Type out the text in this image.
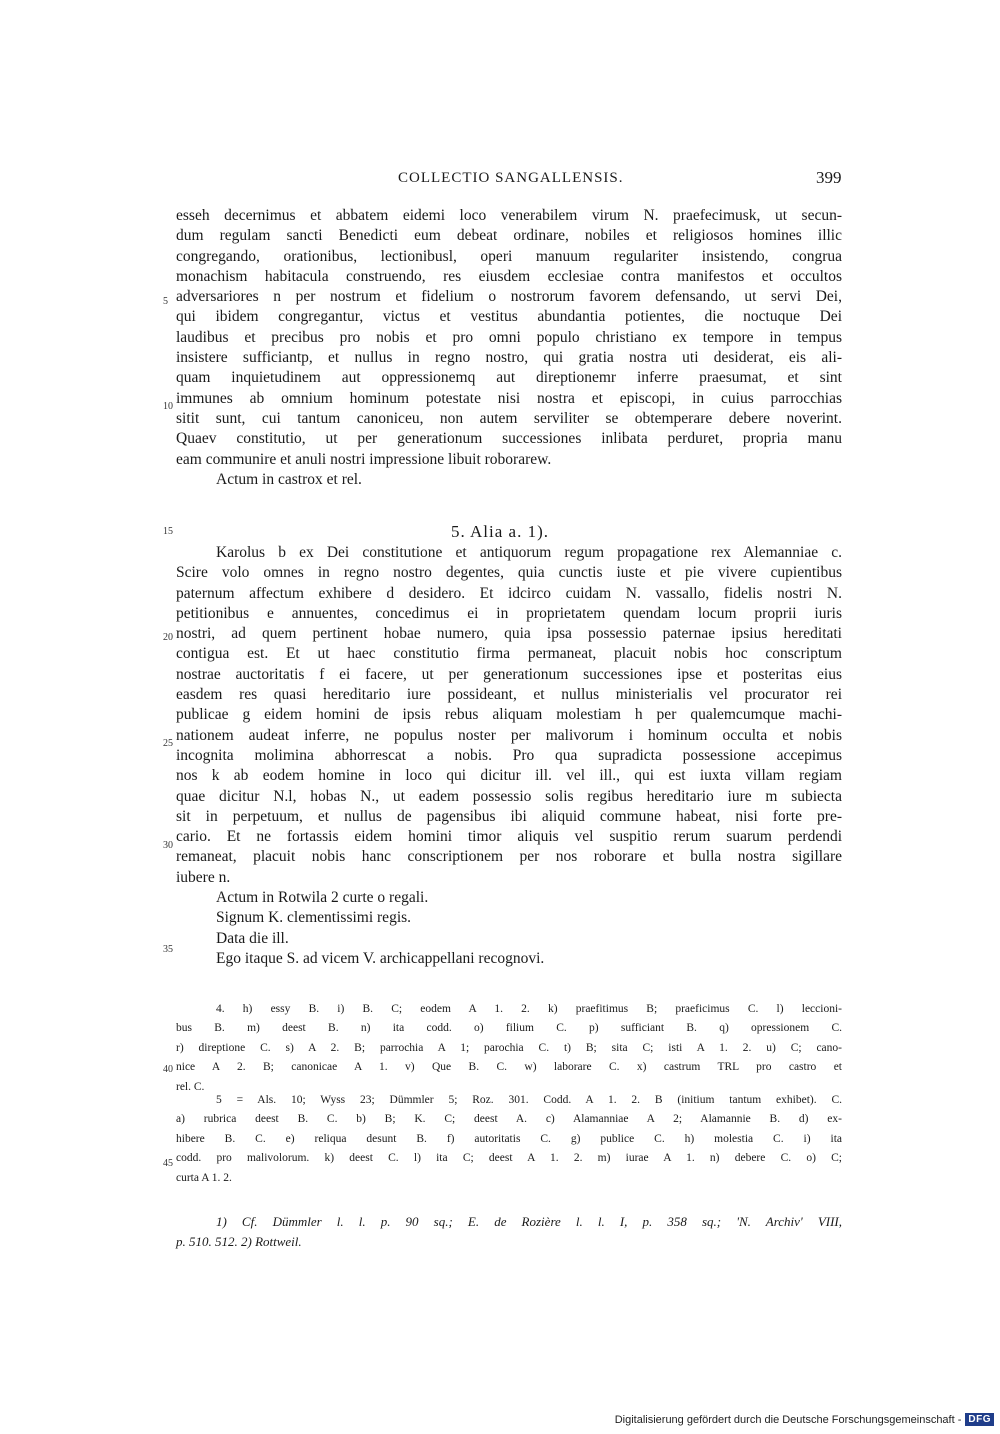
COLLECTIO SANGALLENSIS.	399
5
10
15
20
25
30
35
40
45
esseh decernimus et abbatem eidemi loco venerabilem virum N. praefecimusk, ut secun-
dum regulam sancti Benedicti eum debeat ordinare, nobiles et religiosos homines illic
congregando, orationibus, lectionibusl, operi manuum regulariter insistendo, congrua
monachism habitacula construendo, res eiusdem ecclesiae contra manifestos et occultos
adversariores n per nostrum et fidelium o nostrorum favorem defensando, ut servi Dei,
qui ibidem congregantur, victus et vestitus abundantia potientes, die noctuque Dei
laudibus et precibus pro nobis et pro omni populo christiano ex tempore in tempus
insistere sufficiantp, et nullus in regno nostro, qui gratia nostra uti desiderat, eis ali-
quam inquietudinem aut oppressionemq aut direptionemr inferre praesumat, et sint
immunes ab omnium hominum potestate nisi nostra et episcopi, in cuius parrocchias
sitit sunt, cui tantum canoniceu, non autem serviliter se obtemperare debere noverint.
Quaev constitutio, ut per generationum successiones inlibata perduret, propria manu
eam communire et anuli nostri impressione libuit roborarew.
Actum in castrox et rel.
5. Alia a. 1).
Karolus b ex Dei constitutione et antiquorum regum propagatione rex Alemanniae c.
Scire volo omnes in regno nostro degentes, quia cunctis iuste et pie vivere cupientibus
paternum affectum exhibere d desidero. Et idcirco cuidam N. vassallo, fidelis nostri N.
petitionibus e annuentes, concedimus ei in proprietatem quendam locum proprii iuris
nostri, ad quem pertinent hobae numero, quia ipsa possessio paternae ipsius hereditati
contigua est. Et ut haec constitutio firma permaneat, placuit nobis hoc conscriptum
nostrae auctoritatis f ei facere, ut per generationum successiones ipse et posteritas eius
easdem res quasi hereditario iure possideant, et nullus ministerialis vel procurator rei
publicae g eidem homini de ipsis rebus aliquam molestiam h per qualemcumque machi-
nationem audeat inferre, ne populus noster per malivorum i hominum occulta et nobis
incognita molimina abhorrescat a nobis. Pro qua supradicta possessione accepimus
nos k ab eodem homine in loco qui dicitur ill. vel ill., qui est iuxta villam regiam
quae dicitur N.l, hobas N., ut eadem possessio solis regibus hereditario iure m subiecta
sit in perpetuum, et nullus de pagensibus ibi aliquid commune habeat, nisi forte pre-
cario. Et ne fortassis eidem homini timor aliquis vel suspitio rerum suarum perdendi
remaneat, placuit nobis hanc conscriptionem per nos roborare et bulla nostra sigillare
iubere n.
Actum in Rotwila 2 curte o regali.
Signum K. clementissimi regis.
Data die ill.
Ego itaque S. ad vicem V. archicappellani recognovi.
4. h) essy B. i) B. C; eodem A 1. 2. k) praefitimus B; praeficimus C. l) leccioni-
bus B. m) deest B. n) ita codd. o) filium C. p) sufficiant B. q) opressionem C.
r) direptione C. s) A 2. B; parrochia A 1; parochia C. t) B; sita C; isti A 1. 2. u) C; cano-
nice A 2. B; canonicae A 1. v) Que B. C. w) laborare C. x) castrum TRL pro castro et
rel. C.
5 = Als. 10; Wyss 23; Dümmler 5; Roz. 301. Codd. A 1. 2. B (initium tantum exhibet). C.
a) rubrica deest B. C. b) B; K. C; deest A. c) Alamanniae A 2; Alamannie B. d) ex-
hibere B. C. e) reliqua desunt B. f) autoritatis C. g) publice C. h) molestia C. i) ita
codd. pro malivolorum. k) deest C. l) ita C; deest A 1. 2. m) iurae A 1. n) debere C. o) C;
curta A 1. 2.
1) Cf. Dümmler l. l. p. 90 sq.; E. de Rozière l. l. I, p. 358 sq.; 'N. Archiv' VIII,
p. 510. 512. 2) Rottweil.
Digitalisierung gefördert durch die Deutsche Forschungsgemeinschaft - DFG
